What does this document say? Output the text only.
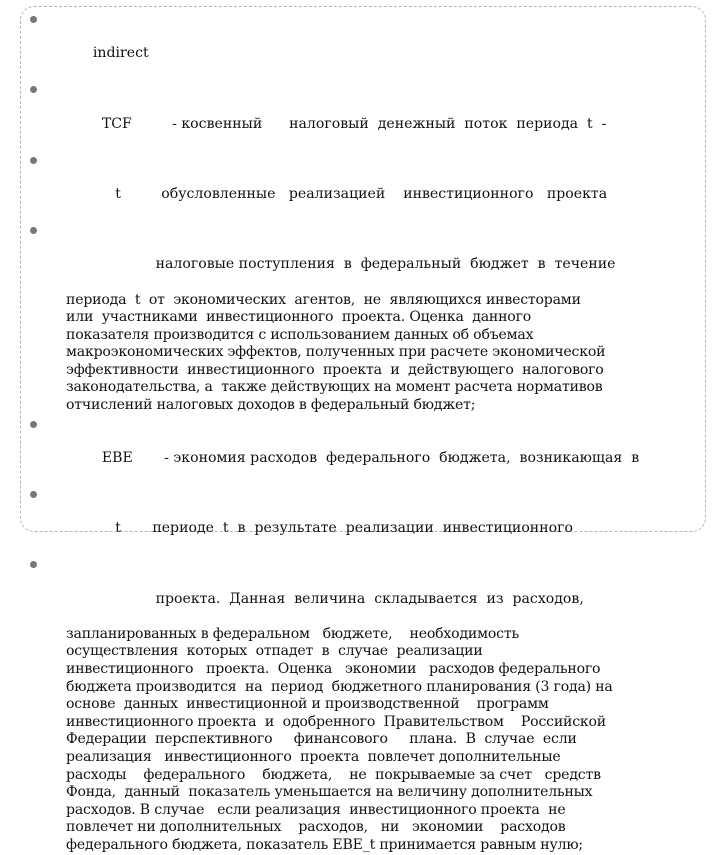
indirect

TCF         - косвенный      налоговый  денежный  поток  периода  t  -

t         обусловленные   реализацией    инвестиционного   проекта

налоговые поступления  в  федеральный  бюджет  в  течение

периода  t  от  экономических  агентов,  не  являющихся инвесторами
или  участниками  инвестиционного  проекта. Оценка  данного
показателя производится с использованием данных об объемах
макроэкономических эффектов, полученных при расчете экономической
эффективности  инвестиционного  проекта  и  действующего  налогового
законодательства, а  также действующих на момент расчета нормативов
отчислений налоговых доходов в федеральный бюджет;

EBE       - экономия расходов  федерального  бюджета,  возникающая  в

t       периоде  t  в  результате  реализации  инвестиционного

проекта.  Данная  величина  складывается  из  расходов,

запланированных в федеральном   бюджете,    необходимость
осуществления  которых  отпадет  в  случае  реализации
инвестиционного   проекта.  Оценка   экономии   расходов федерального
бюджета производится  на  период  бюджетного планирования (3 года) на
основе  данных  инвестиционной и производственной    программ
инвестиционного проекта  и  одобренного  Правительством    Российской
Федерации  перспективного     финансового     плана.  В  случае  если
реализация   инвестиционного  проекта  повлечет дополнительные
расходы    федерального    бюджета,    не  покрываемые за счет   средств
Фонда,  данный  показатель уменьшается на величину дополнительных
расходов. В случае   если реализация  инвестиционного проекта  не
повлечет ни дополнительных    расходов,   ни   экономии    расходов
федерального бюджета, показатель EBE_t принимается равным нулю;
